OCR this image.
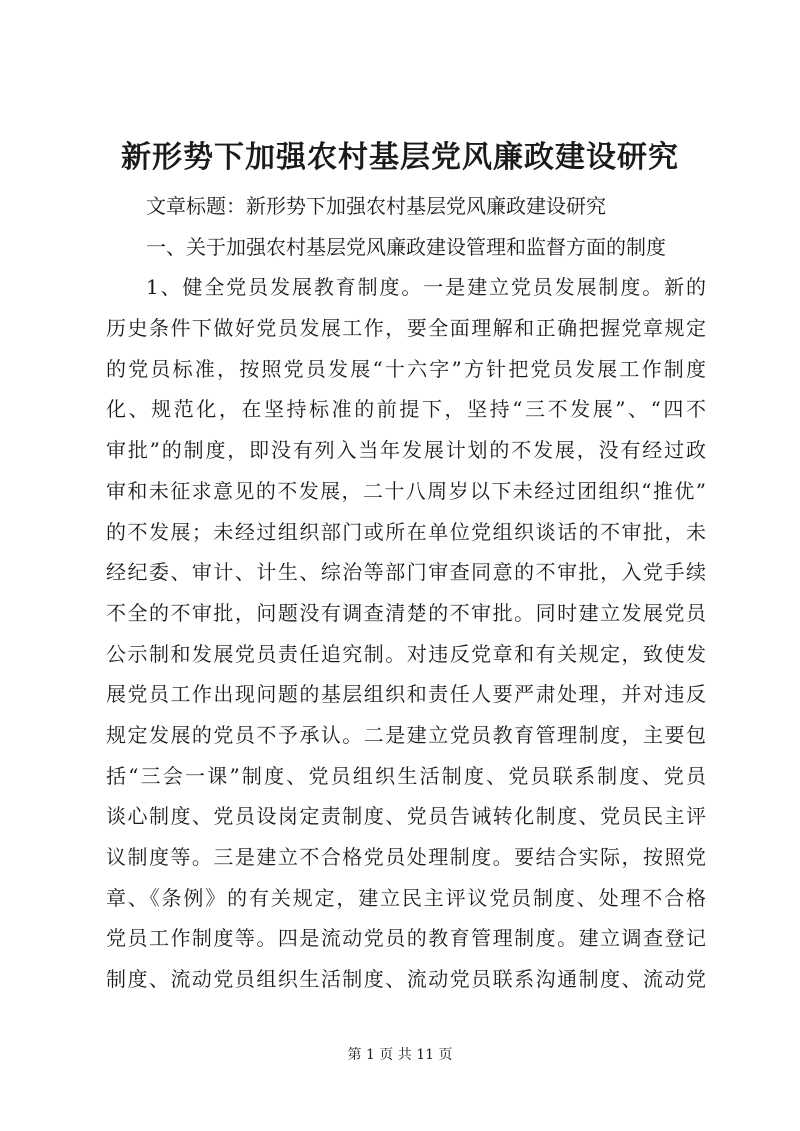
新形势下加强农村基层党风廉政建设研究
文章标题：新形势下加强农村基层党风廉政建设研究
一、关于加强农村基层党风廉政建设管理和监督方面的制度
1、健全党员发展教育制度。一是建立党员发展制度。新的
历史条件下做好党员发展工作，要全面理解和正确把握党章规定
的党员标准，按照党员发展“十六字”方针把党员发展工作制度
化、规范化，在坚持标准的前提下，坚持“三不发展”、“四不
审批”的制度，即没有列入当年发展计划的不发展，没有经过政
审和未征求意见的不发展，二十八周岁以下未经过团组织“推优”
的不发展；未经过组织部门或所在单位党组织谈话的不审批，未
经纪委、审计、计生、综治等部门审查同意的不审批，入党手续
不全的不审批，问题没有调查清楚的不审批。同时建立发展党员
公示制和发展党员责任追究制。对违反党章和有关规定，致使发
展党员工作出现问题的基层组织和责任人要严肃处理，并对违反
规定发展的党员不予承认。二是建立党员教育管理制度，主要包
括“三会一课”制度、党员组织生活制度、党员联系制度、党员
谈心制度、党员设岗定责制度、党员告诫转化制度、党员民主评
议制度等。三是建立不合格党员处理制度。要结合实际，按照党
章、《条例》的有关规定，建立民主评议党员制度、处理不合格
党员工作制度等。四是流动党员的教育管理制度。建立调查登记
制度、流动党员组织生活制度、流动党员联系沟通制度、流动党
第 1 页 共 11 页
